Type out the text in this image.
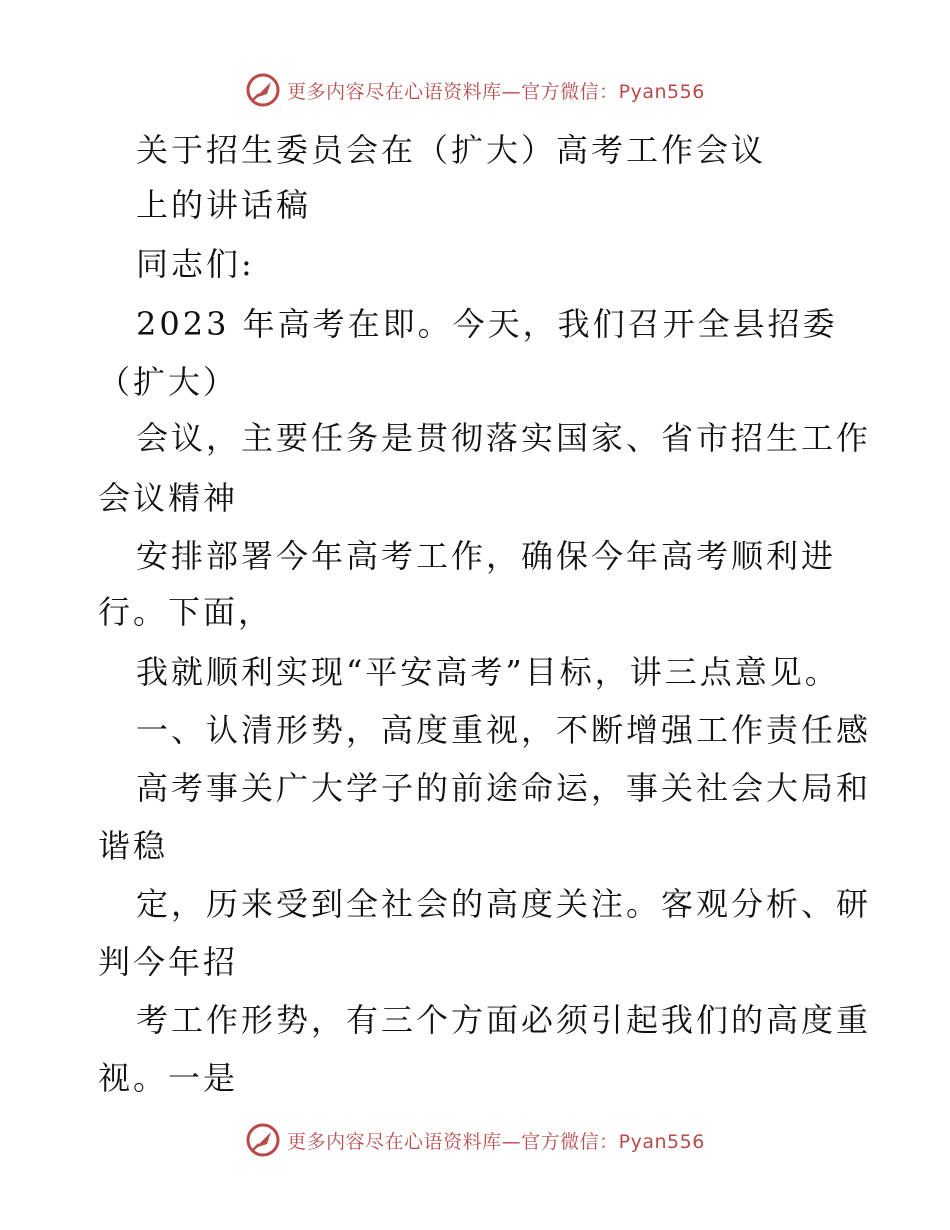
更多内容尽在心语资料库—官方微信：Pyan556
关于招生委员会在（扩大）高考工作会议
上的讲话稿
同志们:
2023 年高考在即。今天，我们召开全县招委
（扩大）
会议，主要任务是贯彻落实国家、省市招生工作
会议精神
安排部署今年高考工作，确保今年高考顺利进
行。下面，
我就顺利实现“平安高考”目标，讲三点意见。
一、认清形势，高度重视，不断增强工作责任感
高考事关广大学子的前途命运，事关社会大局和
谐稳
定，历来受到全社会的高度关注。客观分析、研
判今年招
考工作形势，有三个方面必须引起我们的高度重
视。一是
更多内容尽在心语资料库—官方微信：Pyan556
